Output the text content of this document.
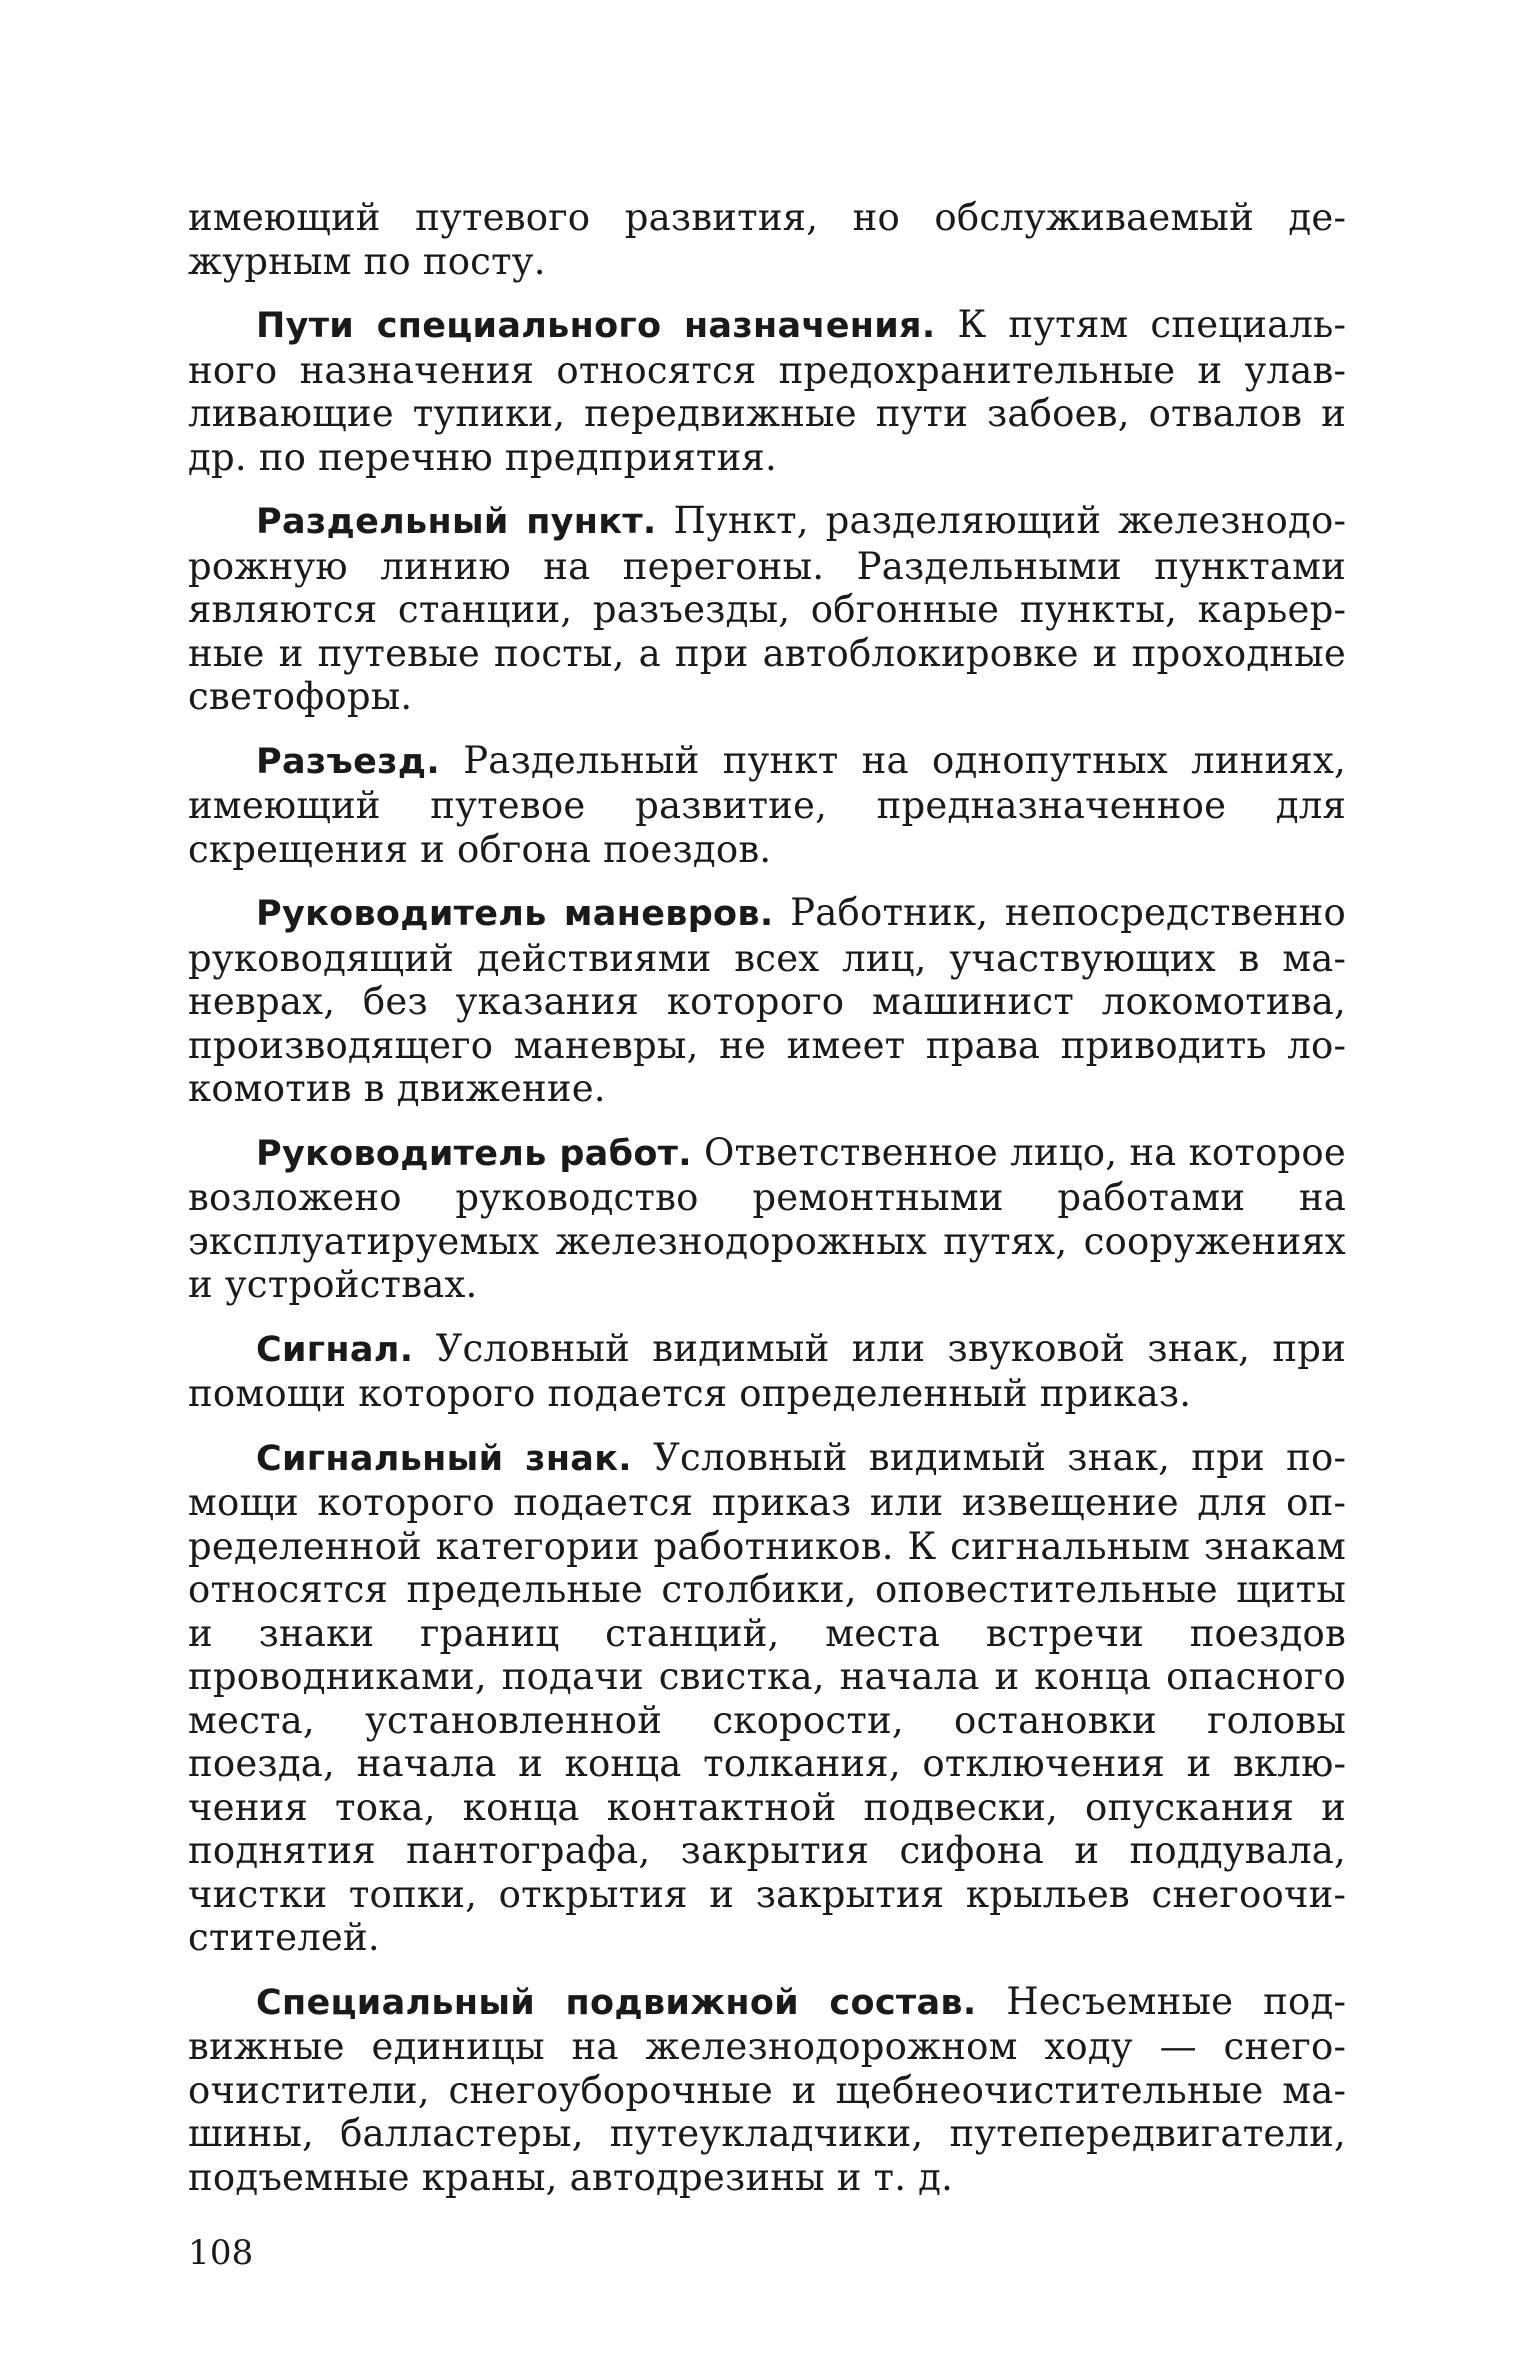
имеющий путевого развития, но обслуживаемый дежурным по посту.

Пути специального назначения. К путям специального назначения относятся предохранительные и улавливающие тупики, передвижные пути забоев, отвалов и др. по перечню предприятия.

Раздельный пункт. Пункт, разделяющий железнодорожную линию на перегоны. Раздельными пунктами являются станции, разъезды, обгонные пункты, карьерные и путевые посты, а при автоблокировке и проходные светофоры.

Разъезд. Раздельный пункт на однопутных линиях, имеющий путевое развитие, предназначенное для скрещения и обгона поездов.

Руководитель маневров. Работник, непосредственно руководящий действиями всех лиц, участвующих в маневрах, без указания которого машинист локомотива, производящего маневры, не имеет права приводить локомотив в движение.

Руководитель работ. Ответственное лицо, на которое возложено руководство ремонтными работами на эксплуатируемых железнодорожных путях, сооружениях и устройствах.

Сигнал. Условный видимый или звуковой знак, при помощи которого подается определенный приказ.

Сигнальный знак. Условный видимый знак, при помощи которого подается приказ или извещение для определенной категории работников. К сигнальным знакам относятся предельные столбики, оповестительные щиты и знаки границ станций, места встречи поездов проводниками, подачи свистка, начала и конца опасного места, установленной скорости, остановки головы поезда, начала и конца толкания, отключения и включения тока, конца контактной подвески, опускания и поднятия пантографа, закрытия сифона и поддувала, чистки топки, открытия и закрытия крыльев снегоочистителей.

Специальный подвижной состав. Несъемные подвижные единицы на железнодорожном ходу — снегоочистители, снегоуборочные и щебнеочистительные машины, балластеры, путеукладчики, путепередвигатели, подъемные краны, автодрезины и т. д.

108
